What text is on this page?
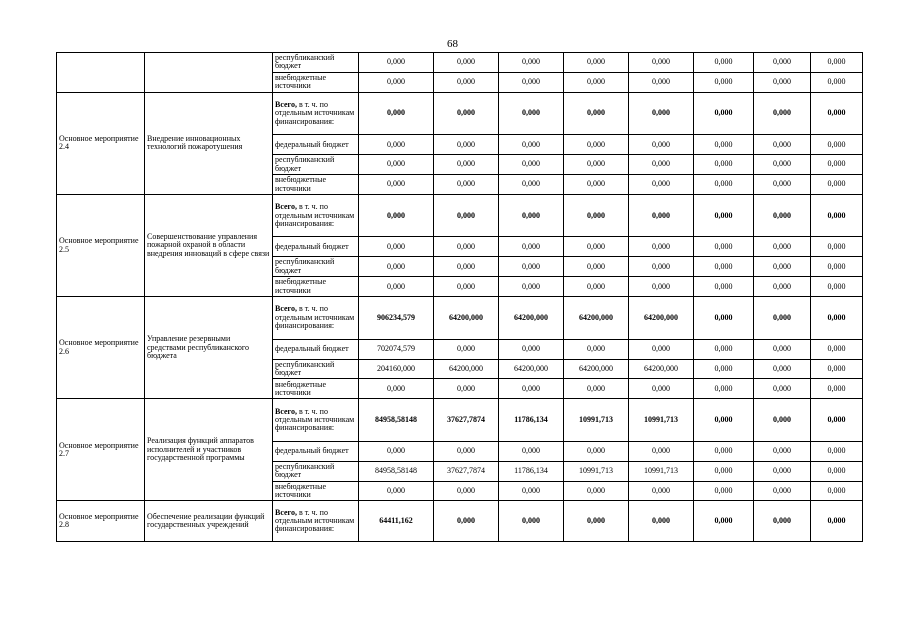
68
		республиканский бюджет	0,000	0,000	0,000	0,000	0,000	0,000	0,000	0,000
		внебюджетные источники	0,000	0,000	0,000	0,000	0,000	0,000	0,000	0,000
Основное мероприятие 2.4	Внедрение инновационных технологий пожаротушения	Всего, в т. ч. по отдельным источникам финансирования:	0,000	0,000	0,000	0,000	0,000	0,000	0,000	0,000
		федеральный бюджет	0,000	0,000	0,000	0,000	0,000	0,000	0,000	0,000
		республиканский бюджет	0,000	0,000	0,000	0,000	0,000	0,000	0,000	0,000
		внебюджетные источники	0,000	0,000	0,000	0,000	0,000	0,000	0,000	0,000
Основное мероприятие 2.5	Совершенствование управления пожарной охраной в области внедрения инноваций в сфере связи	Всего, в т. ч. по отдельным источникам финансирования:	0,000	0,000	0,000	0,000	0,000	0,000	0,000	0,000
		федеральный бюджет	0,000	0,000	0,000	0,000	0,000	0,000	0,000	0,000
		республиканский бюджет	0,000	0,000	0,000	0,000	0,000	0,000	0,000	0,000
		внебюджетные источники	0,000	0,000	0,000	0,000	0,000	0,000	0,000	0,000
Основное мероприятие 2.6	Управление резервными средствами республиканского бюджета	Всего, в т. ч. по отдельным источникам финансирования:	906234,579	64200,000	64200,000	64200,000	64200,000	0,000	0,000	0,000
		федеральный бюджет	702074,579	0,000	0,000	0,000	0,000	0,000	0,000	0,000
		республиканский бюджет	204160,000	64200,000	64200,000	64200,000	64200,000	0,000	0,000	0,000
		внебюджетные источники	0,000	0,000	0,000	0,000	0,000	0,000	0,000	0,000
Основное мероприятие 2.7	Реализация функций аппаратов исполнителей и участников государственной программы	Всего, в т. ч. по отдельным источникам финансирования:	84958,58148	37627,7874	11786,134	10991,713	10991,713	0,000	0,000	0,000
		федеральный бюджет	0,000	0,000	0,000	0,000	0,000	0,000	0,000	0,000
		республиканский бюджет	84958,58148	37627,7874	11786,134	10991,713	10991,713	0,000	0,000	0,000
		внебюджетные источники	0,000	0,000	0,000	0,000	0,000	0,000	0,000	0,000
Основное мероприятие 2.8	Обеспечение реализации функций государственных учреждений	Всего, в т. ч. по отдельным источникам финансирования:	64411,162	0,000	0,000	0,000	0,000	0,000	0,000	0,000
